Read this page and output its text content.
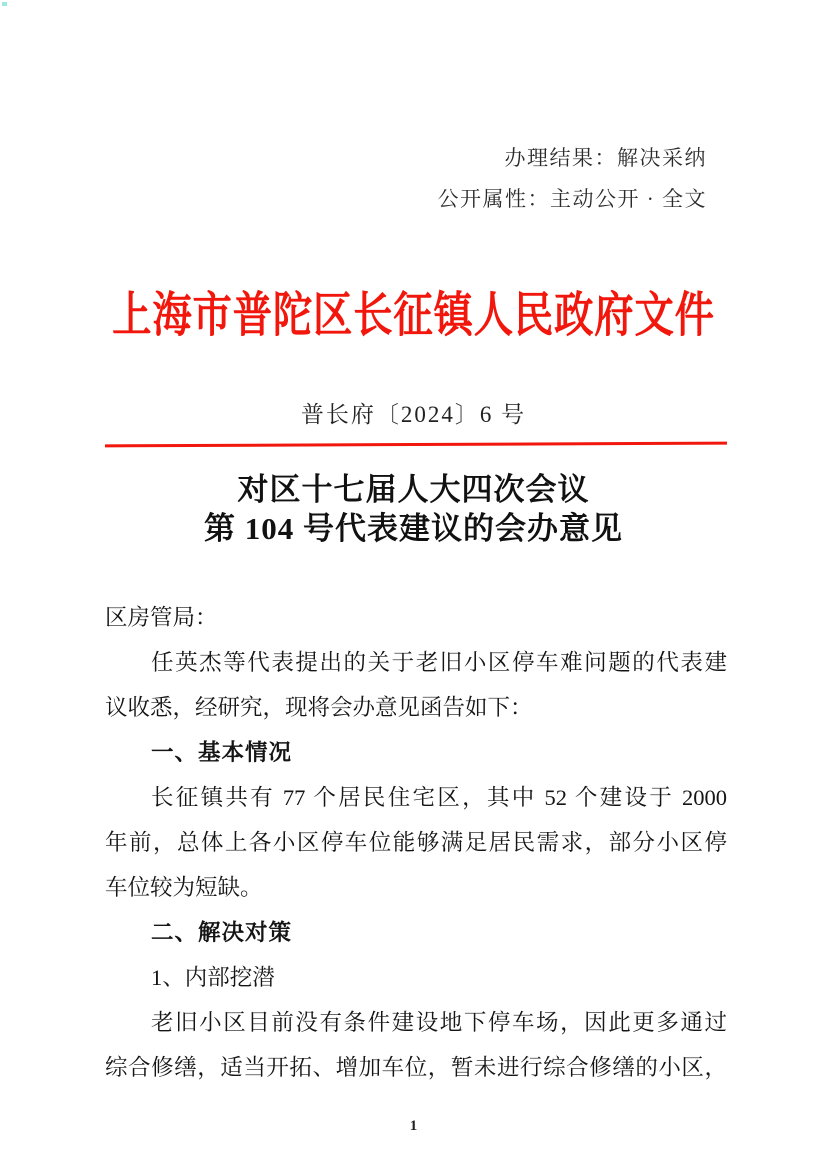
办理结果：解决采纳
公开属性：主动公开 · 全文
上海市普陀区长征镇人民政府文件
普长府〔2024〕6 号
对区十七届人大四次会议
第 104 号代表建议的会办意见
区房管局：
任英杰等代表提出的关于老旧小区停车难问题的代表建
议收悉，经研究，现将会办意见函告如下：
一、基本情况
长征镇共有 77 个居民住宅区，其中 52 个建设于 2000
年前，总体上各小区停车位能够满足居民需求，部分小区停
车位较为短缺。
二、解决对策
1、内部挖潜
老旧小区目前没有条件建设地下停车场，因此更多通过
综合修缮，适当开拓、增加车位，暂未进行综合修缮的小区，
1
